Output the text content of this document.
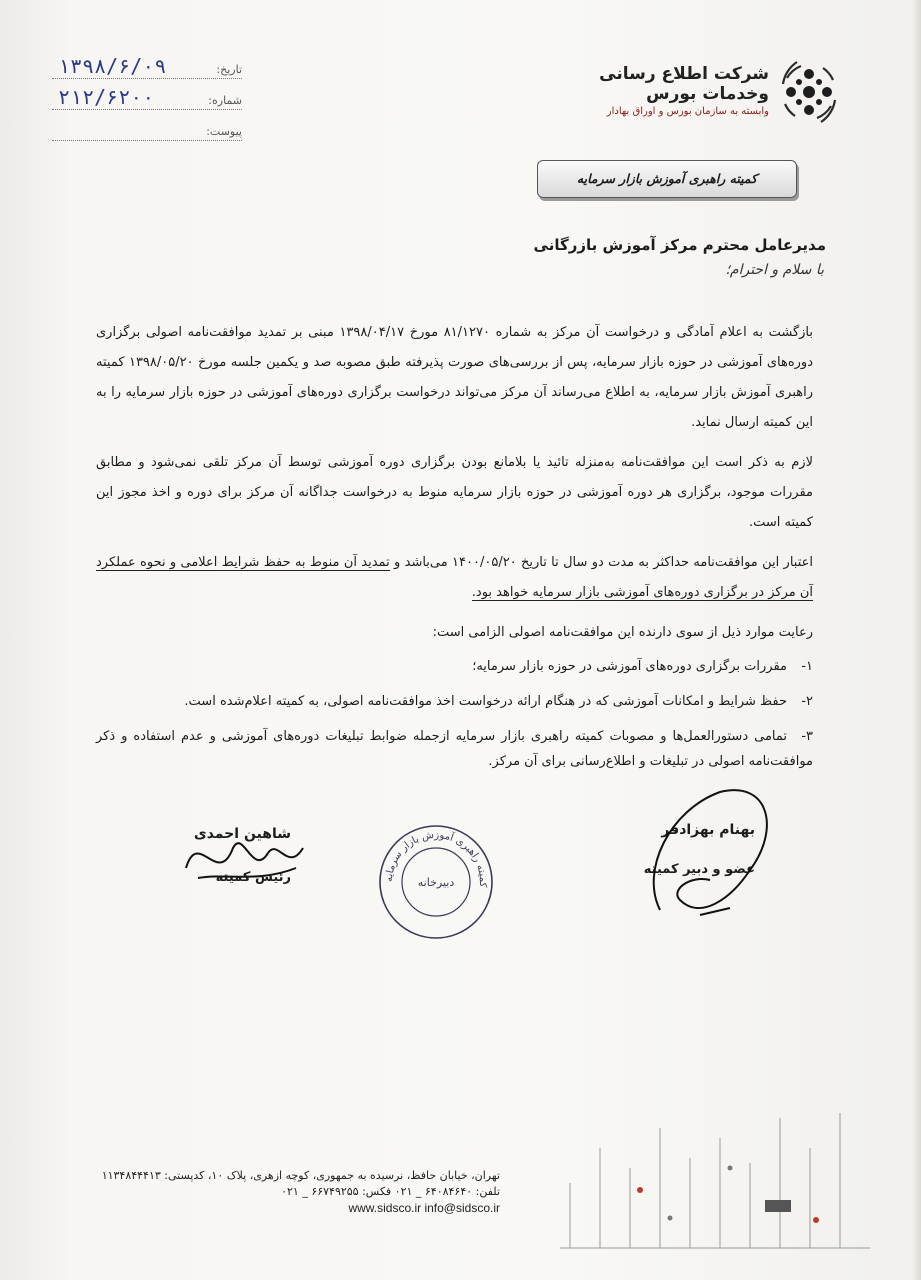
شرکت اطلاع رسانی
وخدمات بورس
وابسته به سازمان بورس و اوراق بهادار
تاریخ:
۱۳۹۸/۶/۰۹
شماره:
۲۱۲/۶۲۰۰
پیوست:
کمیته راهبری آموزش بازار سرمایه
مدیرعامل محترم مرکز آموزش بازرگانی
با سلام و احترام؛

بازگشت به اعلام آمادگی و درخواست آن مرکز به شماره ۸۱/۱۲۷۰ مورخ ۱۳۹۸/۰۴/۱۷ مبنی بر تمدید موافقت‌نامه اصولی برگزاری دوره‌های آموزشی در حوزه بازار سرمایه، پس از بررسی‌های صورت پذیرفته طبق مصوبه صد و یکمین جلسه مورخ ۱۳۹۸/۰۵/۲۰ کمیته راهبری آموزش بازار سرمایه، به اطلاع می‌رساند آن مرکز می‌تواند درخواست برگزاری دوره‌های آموزشی در حوزه بازار سرمایه را به این کمیته ارسال نماید.

لازم به ذکر است این موافقت‌نامه به‌منزله تائید یا بلامانع بودن برگزاری دوره آموزشی توسط آن مرکز تلقی نمی‌شود و مطابق مقررات موجود، برگزاری هر دوره آموزشی در حوزه بازار سرمایه منوط به درخواست جداگانه آن مرکز برای دوره و اخذ مجوز این کمیته است.

اعتبار این موافقت‌نامه حداکثر به مدت دو سال تا تاریخ ۱۴۰۰/۰۵/۲۰ می‌باشد و تمدید آن منوط به حفظ شرایط اعلامی و نحوه عملکرد آن مرکز در برگزاری دوره‌های آموزشی بازار سرمایه خواهد بود.

رعایت موارد ذیل از سوی دارنده این موافقت‌نامه اصولی الزامی است:

۱-مقررات برگزاری دوره‌های آموزشی در حوزه بازار سرمایه؛
۲-حفظ شرایط و امکانات آموزشی که در هنگام ارائه درخواست اخذ موافقت‌نامه اصولی، به کمیته اعلام‌شده است.
۳-تمامی دستورالعمل‌ها و مصوبات کمیته راهبری بازار سرمایه ازجمله ضوابط تبلیغات دوره‌های آموزشی و عدم استفاده و ذکر موافقت‌نامه اصولی در تبلیغات و اطلاع‌رسانی برای آن مرکز.
بهنام بهزادفر
عضو و دبیر کمیته
کمیته راهبری آموزش بازار سرمایه
دبیرخانه
شاهین احمدی
رئیس کمیته
تهران، خیابان حافظ، نرسیده به جمهوری، کوچه ازهری، پلاک ۱۰، کدپستی: ۱۱۳۴۸۴۴۴۱۳
تلفن: ۶۴۰۸۴۶۴۰ _ ۰۲۱ فکس: ۶۶۷۴۹۲۵۵ _ ۰۲۱
www.sidsco.ir info@sidsco.ir
